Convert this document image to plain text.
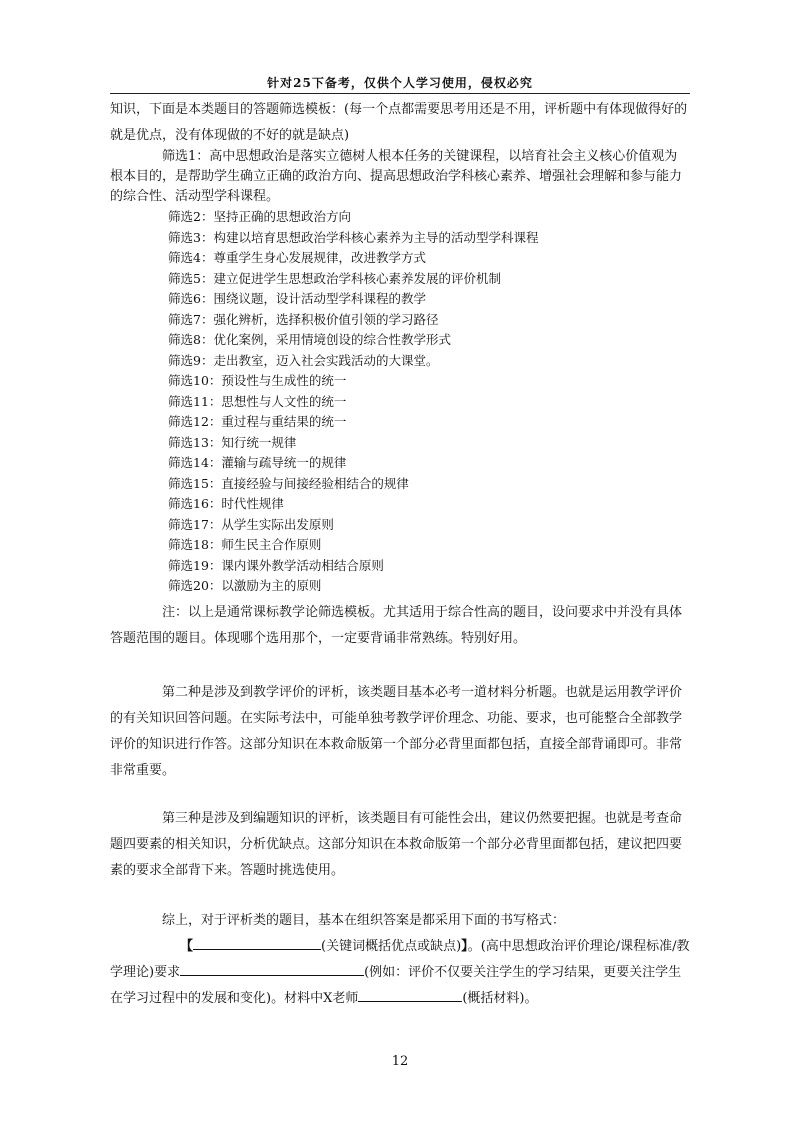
针对25下备考，仅供个人学习使用，侵权必究

知识，下面是本类题目的答题筛选模板：(每一个点都需要思考用还是不用，评析题中有体现做得好的就是优点，没有体现做的不好的就是缺点)

筛选1：高中思想政治是落实立德树人根本任务的关键课程，以培育社会主义核心价值观为根本目的，是帮助学生确立正确的政治方向、提高思想政治学科核心素养、增强社会理解和参与能力的综合性、活动型学科课程。

筛选2：坚持正确的思想政治方向
筛选3：构建以培育思想政治学科核心素养为主导的活动型学科课程
筛选4：尊重学生身心发展规律，改进教学方式
筛选5：建立促进学生思想政治学科核心素养发展的评价机制
筛选6：围绕议题，设计活动型学科课程的教学
筛选7：强化辨析，选择积极价值引领的学习路径
筛选8：优化案例，采用情境创设的综合性教学形式
筛选9：走出教室，迈入社会实践活动的大课堂。
筛选10：预设性与生成性的统一
筛选11：思想性与人文性的统一
筛选12：重过程与重结果的统一
筛选13：知行统一规律
筛选14：灌输与疏导统一的规律
筛选15：直接经验与间接经验相结合的规律
筛选16：时代性规律
筛选17：从学生实际出发原则
筛选18：师生民主合作原则
筛选19：课内课外教学活动相结合原则
筛选20：以激励为主的原则

注：以上是通常课标教学论筛选模板。尤其适用于综合性高的题目，设问要求中并没有具体答题范围的题目。体现哪个选用那个，一定要背诵非常熟练。特别好用。

第二种是涉及到教学评价的评析，该类题目基本必考一道材料分析题。也就是运用教学评价的有关知识回答问题。在实际考法中，可能单独考教学评价理念、功能、要求，也可能整合全部教学评价的知识进行作答。这部分知识在本救命版第一个部分必背里面都包括，直接全部背诵即可。非常非常重要。

第三种是涉及到编题知识的评析，该类题目有可能性会出，建议仍然要把握。也就是考查命题四要素的相关知识，分析优缺点。这部分知识在本救命版第一个部分必背里面都包括，建议把四要素的要求全部背下来。答题时挑选使用。

综上，对于评析类的题目，基本在组织答案是都采用下面的书写格式：

【	(关键词概括优点或缺点)】。(高中思想政治评价理论/课程标准/教学理论)要求	(例如：评价不仅要关注学生的学习结果，更要关注学生在学习过程中的发展和变化)。材料中X老师	(概括材料)。

12
